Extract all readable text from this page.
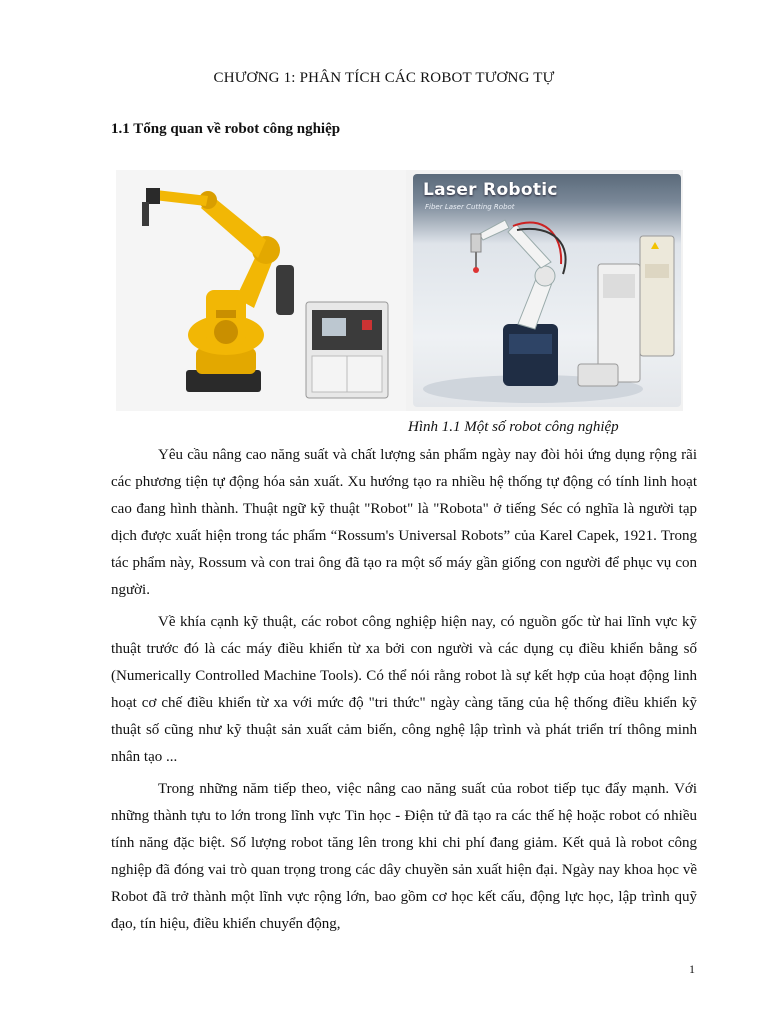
CHƯƠNG 1: PHÂN TÍCH CÁC ROBOT TƯƠNG TỰ
1.1 Tổng quan về robot công nghiệp
Laser Robotic
Fiber Laser Cutting Robot
Hình 1.1 Một số robot công nghiệp

Yêu cầu nâng cao năng suất và chất lượng sản phẩm ngày nay đòi hỏi ứng dụng rộng rãi các phương tiện tự động hóa sản xuất. Xu hướng tạo ra nhiều hệ thống tự động có tính linh hoạt cao đang hình thành. Thuật ngữ kỹ thuật "Robot" là "Robota" ở tiếng Séc có nghĩa là người tạp dịch được xuất hiện trong tác phẩm “Rossum's Universal Robots” của Karel Capek, 1921. Trong tác phẩm này, Rossum và con trai ông đã tạo ra một số máy gần giống con người để phục vụ con người.

Về khía cạnh kỹ thuật, các robot công nghiệp hiện nay, có nguồn gốc từ hai lĩnh vực kỹ thuật trước đó là các máy điều khiển từ xa bởi con người và các dụng cụ điều khiển bằng số (Numerically Controlled Machine Tools). Có thể nói rằng robot là sự kết hợp của hoạt động linh hoạt cơ chế điều khiển từ xa với mức độ "tri thức" ngày càng tăng của hệ thống điều khiển kỹ thuật số cũng như kỹ thuật sản xuất cảm biến, công nghệ lập trình và phát triển trí thông minh nhân tạo ...

Trong những năm tiếp theo, việc nâng cao năng suất của robot tiếp tục đẩy mạnh. Với những thành tựu to lớn trong lĩnh vực Tin học - Điện tử đã tạo ra các thế hệ hoặc robot có nhiều tính năng đặc biệt. Số lượng robot tăng lên trong khi chi phí đang giảm. Kết quả là robot công nghiệp đã đóng vai trò quan trọng trong các dây chuyền sản xuất hiện đại. Ngày nay khoa học về Robot đã trở thành một lĩnh vực rộng lớn, bao gồm cơ học kết cấu, động lực học, lập trình quỹ đạo, tín hiệu, điều khiển chuyển động,

1
